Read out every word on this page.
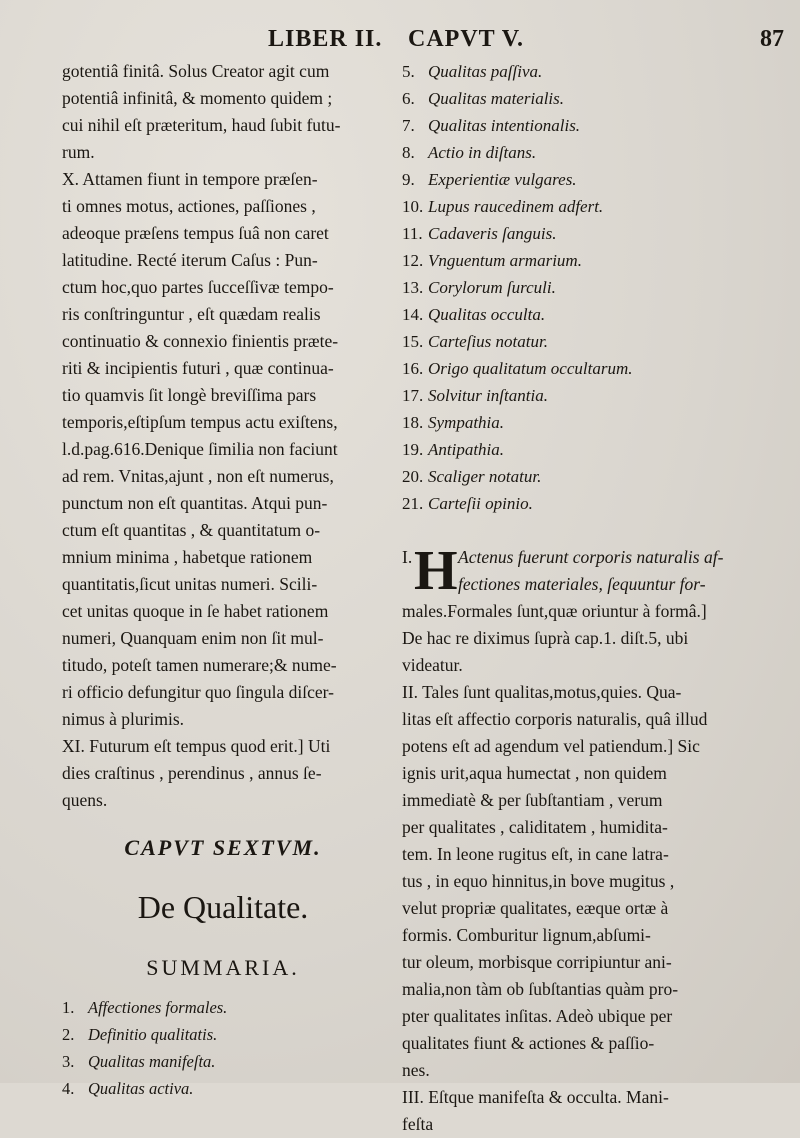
LIBER II. CAPVT V.	87
gotentiâ finitâ. Solus Creator agit cum
potentiâ infinitâ, & momento quidem ;
cui nihil eſt præteritum, haud ſubit futu-
rum.
X. Attamen fiunt in tempore præſen-
ti omnes motus, actiones, paſſiones ,
adeoque præſens tempus ſuâ non caret
latitudine. Recté iterum Caſus : Pun-
ctum hoc,quo partes ſucceſſivæ tempo-
ris conſtringuntur , eſt quædam realis
continuatio & connexio finientis præte-
riti & incipientis futuri , quæ continua-
tio quamvis ſit longè breviſſima pars
temporis,eſtipſum tempus actu exiſtens,
l.d.pag.616.Denique ſimilia non faciunt
ad rem. Vnitas,ajunt , non eſt numerus,
punctum non eſt quantitas. Atqui pun-
ctum eſt quantitas , & quantitatum o-
mnium minima , habetque rationem
quantitatis,ſicut unitas numeri. Scili-
cet unitas quoque in ſe habet rationem
numeri, Quanquam enim non ſit mul-
titudo, poteſt tamen numerare;& nume-
ri officio defungitur quo ſingula diſcer-
nimus à plurimis.
XI. Futurum eſt tempus quod erit.] Uti
dies craſtinus , perendinus , annus ſe-
quens.
CAPVT SEXTVM.
De Qualitate.
SUMMARIA.
1. Affectiones formales.
2. Definitio qualitatis.
3. Qualitas manifeſta.
4. Qualitas activa.
5. Qualitas paſſiva.
6. Qualitas materialis.
7. Qualitas intentionalis.
8. Actio in diſtans.
9. Experientiæ vulgares.
10. Lupus raucedinem adfert.
11. Cadaveris ſanguis.
12. Vnguentum armarium.
13. Corylorum ſurculi.
14. Qualitas occulta.
15. Carteſius notatur.
16. Origo qualitatum occultarum.
17. Solvitur inſtantia.
18. Sympathia.
19. Antipathia.
20. Scaliger notatur.
21. Carteſii opinio.
I. H Actenus fuerunt corporis naturalis af-
fectiones materiales, ſequuntur for-
males.Formales ſunt,quæ oriuntur à formâ.]
De hac re diximus ſuprà cap.1. diſt.5, ubi
videatur.
II. Tales ſunt qualitas,motus,quies. Qua-
litas eſt affectio corporis naturalis, quâ illud
potens eſt ad agendum vel patiendum.] Sic
ignis urit,aqua humectat , non quidem
immediatè & per ſubſtantiam , verum
per qualitates , caliditatem , humidita-
tem. In leone rugitus eſt, in cane latra-
tus , in equo hinnitus,in bove mugitus ,
velut propriæ qualitates, eæque ortæ à
formis. Comburitur lignum,abſumi-
tur oleum, morbisque corripiuntur ani-
malia,non tàm ob ſubſtantias quàm pro-
pter qualitates inſitas. Adeò ubique per
qualitates fiunt & actiones & paſſio-
nes.
III. Eſtque manifeſta & occulta. Mani-
feſta
